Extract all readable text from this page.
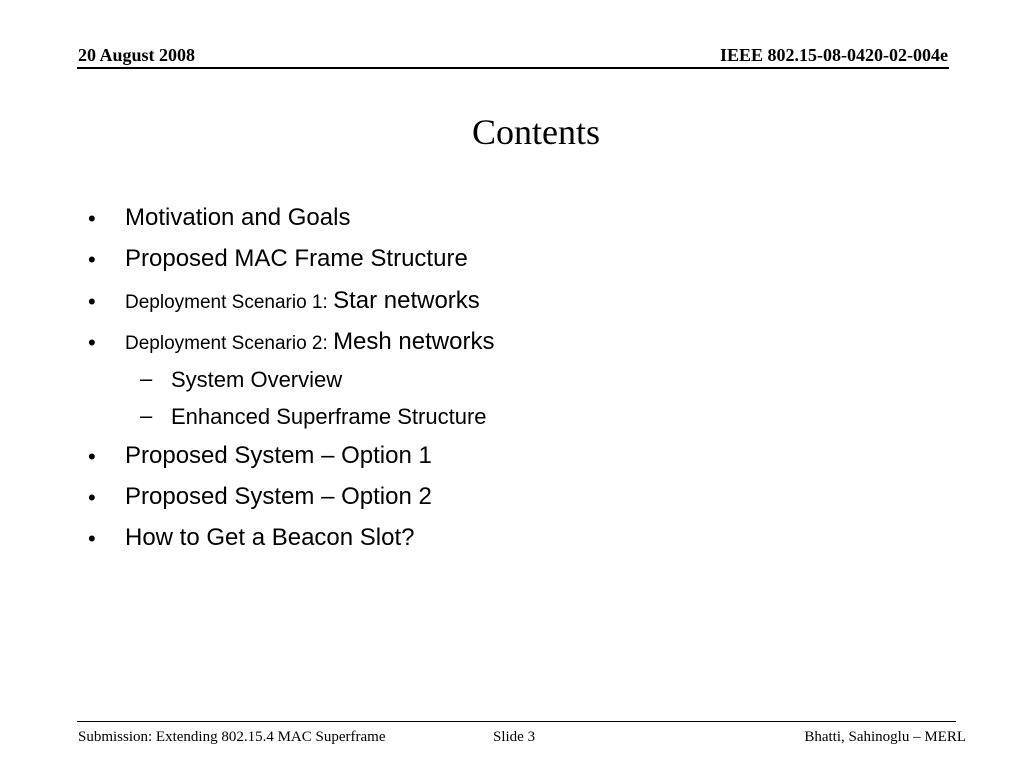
20 August 2008	IEEE 802.15-08-0420-02-004e
Contents
• Motivation and Goals
• Proposed MAC Frame Structure
• Deployment Scenario 1: Star networks
• Deployment Scenario 2: Mesh networks
– System Overview
– Enhanced Superframe Structure
• Proposed System – Option 1
• Proposed System – Option 2
• How to Get a Beacon Slot?
Submission: Extending 802.15.4 MAC Superframe	Slide 3	Bhatti, Sahinoglu – MERL
